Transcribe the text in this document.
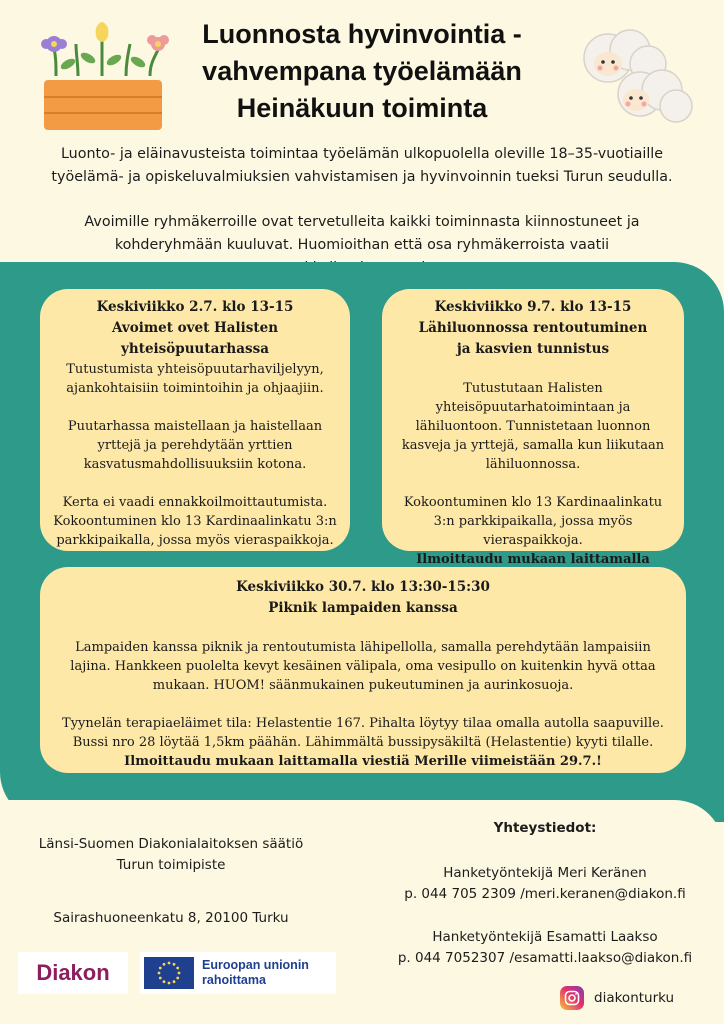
Luonnosta hyvinvointia -
vahvempana työelämään
Heinäkuun toiminta

Luonto- ja eläinavusteista toimintaa työelämän ulkopuolella oleville 18–35-vuotiaille työelämä- ja opiskeluvalmiuksien vahvistamisen ja hyvinvoinnin tueksi Turun seudulla.

Avoimille ryhmäkerroille ovat tervetulleita kaikki toiminnasta kiinnostuneet ja kohderyhmään kuuluvat. Huomioithan että osa ryhmäkerroista vaatii

Keskiviikko 2.7. klo 13-15
Avoimet ovet Halisten
yhteisöpuutarhassa

Tutustumista yhteisöpuutarhaviljelyyn, ajankohtaisiin toimintoihin ja ohjaajiin.

Puutarhassa maistellaan ja haistellaan yrttejä ja perehdytään yrttien kasvatusmahdollisuuksiin kotona.

Kerta ei vaadi ennakkoilmoittautumista. Kokoontuminen klo 13 Kardinaalinkatu 3:n parkkipaikalla, jossa myös vieraspaikkoja.

Keskiviikko 9.7. klo 13-15
Lähiluonnossa rentoutuminen
ja kasvien tunnistus

Tutustutaan Halisten yhteisöpuutarhatoimintaan ja lähiluontoon. Tunnistetaan luonnon kasveja ja yrttejä, samalla kun liikutaan lähiluonnossa.

Kokoontuminen klo 13 Kardinaalinkatu 3:n parkkipaikalla, jossa myös vieraspaikkoja.

Ilmoittaudu mukaan laittamalla

Keskiviikko 30.7. klo 13:30-15:30
Piknik lampaiden kanssa

Lampaiden kanssa piknik ja rentoutumista lähipellolla, samalla perehdytään lampaisiin lajina. Hankkeen puolelta kevyt kesäinen välipala, oma vesipullo on kuitenkin hyvä ottaa mukaan. HUOM! säänmukainen pukeutuminen ja aurinkosuoja.

Tyynelän terapiaeläimet tila: Helastentie 167. Pihalta löytyy tilaa omalla autolla saapuville. Bussi nro 28 löytää 1,5km päähän. Lähimmältä bussipysäkiltä (Helastentie) kyyti tilalle.

Ilmoittaudu mukaan laittamalla viestiä Merille viimeistään 29.7.!

Länsi-Suomen Diakonialaitoksen säätiö
Turun toimipiste
Sairashuoneenkatu 8, 20100 Turku
Yhteystiedot:
Hanketyöntekijä Meri Keränen
p. 044 705 2309 /meri.keranen@diakon.fi
Hanketyöntekijä Esamatti Laakso
p. 044 7052307 /esamatti.laakso@diakon.fi
Diakon	Euroopan unionin
rahoittama
diakonturku
